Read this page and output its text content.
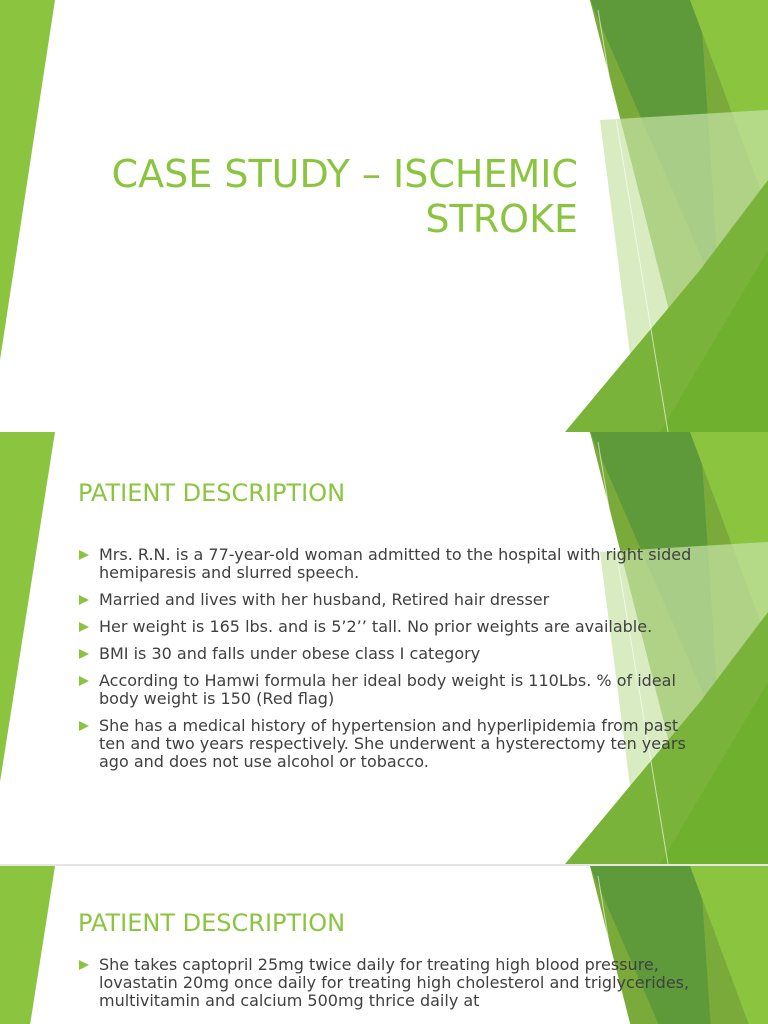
CASE STUDY – ISCHEMIC
STROKE
PATIENT DESCRIPTION
Mrs. R.N. is a 77-year-old woman admitted to the hospital with right sided hemiparesis and slurred speech.
Married and lives with her husband, Retired hair dresser
Her weight is 165 lbs. and is 5’2’’ tall. No prior weights are available.
BMI is 30 and falls under obese class I category
According to Hamwi formula her ideal body weight is 110Lbs. % of ideal body weight is 150 (Red flag)
She has a medical history of hypertension and hyperlipidemia from past ten and two years respectively. She underwent a hysterectomy ten years ago and does not use alcohol or tobacco.
PATIENT DESCRIPTION
She takes captopril 25mg twice daily for treating high blood pressure, lovastatin 20mg once daily for treating high cholesterol and triglycerides, multivitamin and calcium 500mg thrice daily at
